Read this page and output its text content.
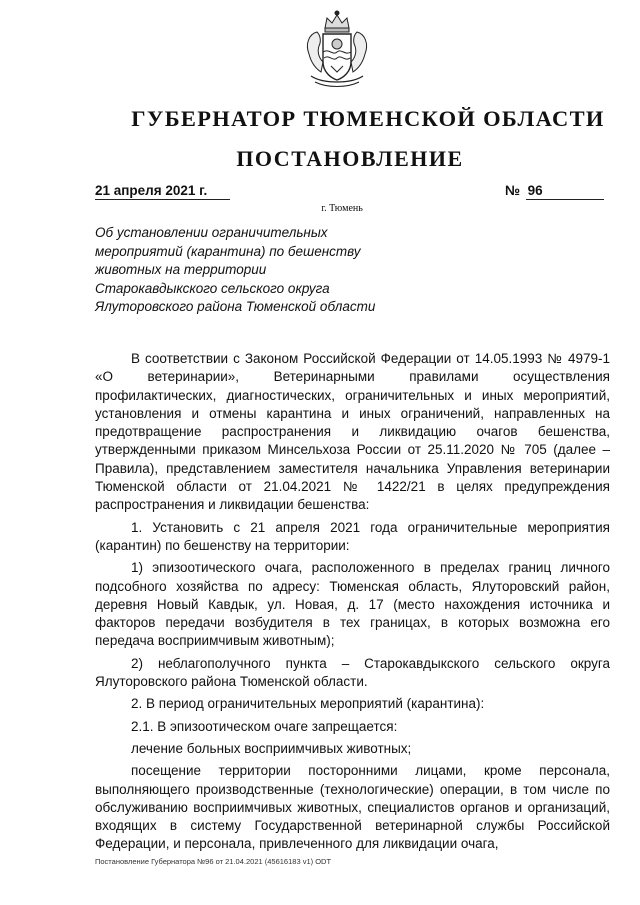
ГУБЕРНАТОР ТЮМЕНСКОЙ ОБЛАСТИ
ПОСТАНОВЛЕНИЕ
21 апреля 2021 г.	№ 96
г. Тюмень
Об установлении ограничительных
мероприятий (карантина) по бешенству
животных на территории
Старокавдыкского сельского округа
Ялуторовского района Тюменской области

В соответствии с Законом Российской Федерации от 14.05.1993 № 4979-1 «О ветеринарии», Ветеринарными правилами осуществления профилактических, диагностических, ограничительных и иных мероприятий, установления и отмены карантина и иных ограничений, направленных на предотвращение распространения и ликвидацию очагов бешенства, утвержденными приказом Минсельхоза России от 25.11.2020 № 705 (далее – Правила), представлением заместителя начальника Управления ветеринарии Тюменской области от 21.04.2021 № 1422/21 в целях предупреждения распространения и ликвидации бешенства:

1. Установить с 21 апреля 2021 года ограничительные мероприятия (карантин) по бешенству на территории:

1) эпизоотического очага, расположенного в пределах границ личного подсобного хозяйства по адресу: Тюменская область, Ялуторовский район, деревня Новый Кавдык, ул. Новая, д. 17 (место нахождения источника и факторов передачи возбудителя в тех границах, в которых возможна его передача восприимчивым животным);

2) неблагополучного пункта – Старокавдыкского сельского округа Ялуторовского района Тюменской области.

2. В период ограничительных мероприятий (карантина):

2.1. В эпизоотическом очаге запрещается:

лечение больных восприимчивых животных;

посещение территории посторонними лицами, кроме персонала, выполняющего производственные (технологические) операции, в том числе по обслуживанию восприимчивых животных, специалистов органов и организаций, входящих в систему Государственной ветеринарной службы Российской Федерации, и персонала, привлеченного для ликвидации очага,

Постановление Губернатора №96 от 21.04.2021 (45616183 v1) ODT
